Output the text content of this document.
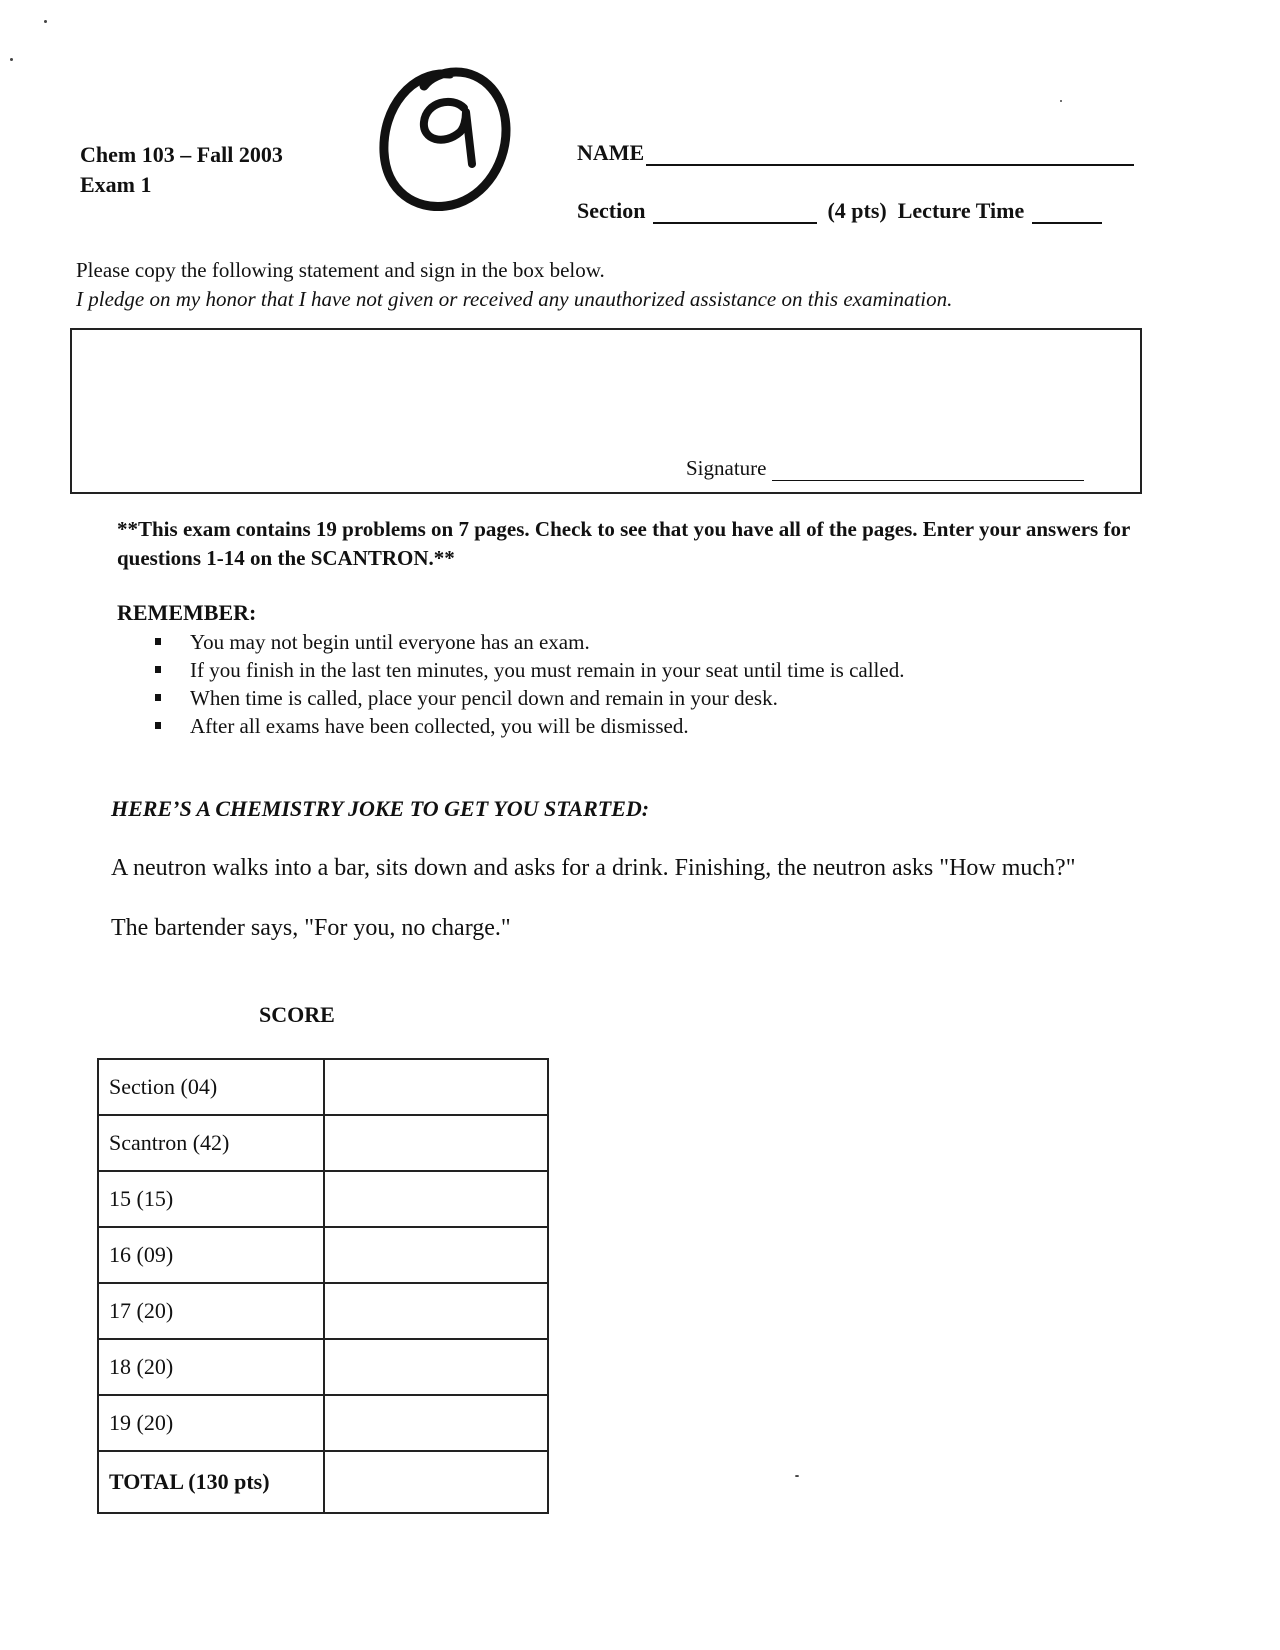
Chem 103 – Fall 2003
Exam 1
NAME
Section	(4 pts) Lecture Time
Please copy the following statement and sign in the box below.
I pledge on my honor that I have not given or received any unauthorized assistance on this examination.
Signature
**This exam contains 19 problems on 7 pages. Check to see that you have all of the pages. Enter your answers for questions 1-14 on the SCANTRON.**
REMEMBER:
You may not begin until everyone has an exam.
If you finish in the last ten minutes, you must remain in your seat until time is called.
When time is called, place your pencil down and remain in your desk.
After all exams have been collected, you will be dismissed.
HERE’S A CHEMISTRY JOKE TO GET YOU STARTED:
A neutron walks into a bar, sits down and asks for a drink. Finishing, the neutron asks "How much?"
The bartender says, "For you, no charge."
SCORE
Section (04)	
Scantron (42)	
15 (15)	
16 (09)	
17 (20)	
18 (20)	
19 (20)	
TOTAL (130 pts)	
